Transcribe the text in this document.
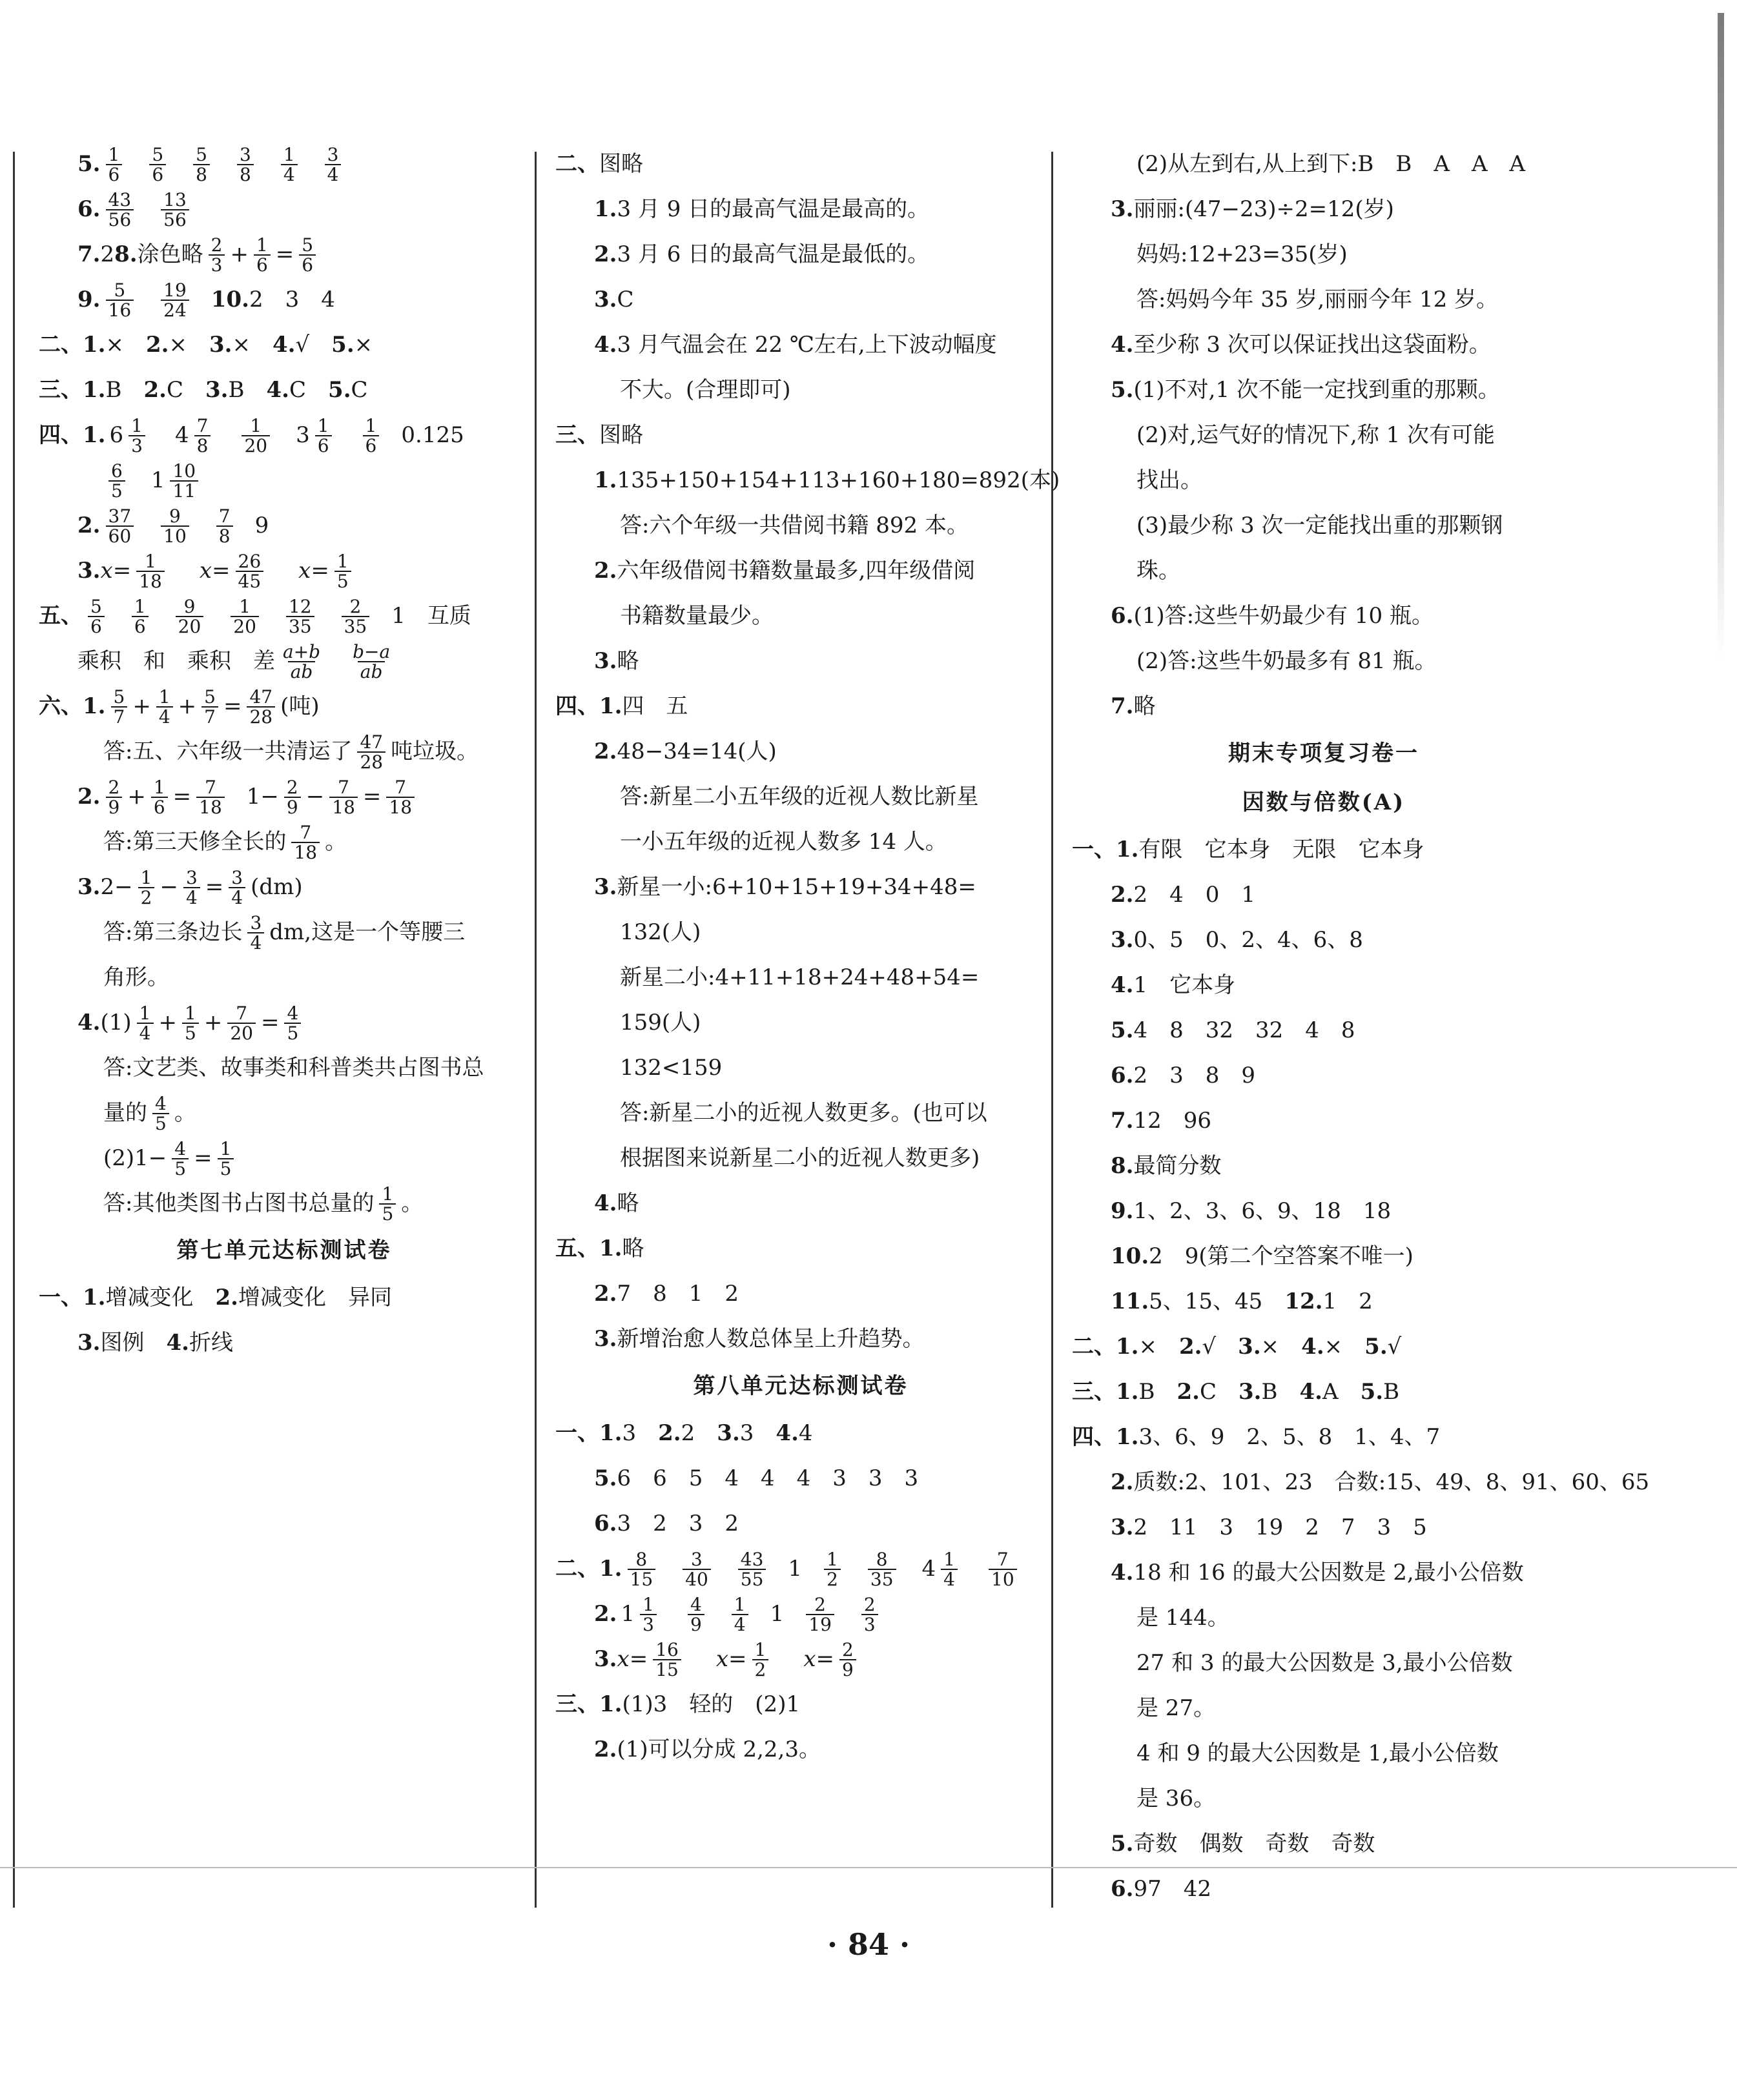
5. $\frac{1}{6} \frac{5}{6} \frac{5}{8} \frac{3}{8} \frac{1}{4} \frac{3}{4}$
6. $\frac{43}{56} \frac{13}{56}$
7. 2 8. 涂色略 $\frac{2}{3} + \frac{1}{6} = \frac{5}{6}$
9. $\frac{5}{16} \frac{19}{24} 10$. 2　3　4
二、1. ×　 2. ×　 3. ×　 4. √　 5. ×
三、1. B　 2. C　 3. B　 4. C　 5. C
四、1. $6 \frac{1}{3} 4 \frac{7}{8} \frac{1}{20} 3 \frac{1}{6} \frac{1}{6} 0.125$
$\frac{6}{5} 1 \frac{10}{11}$
2. $\frac{37}{60} \frac{9}{10} \frac{7}{8} 9$
3. $x = \frac{1}{18}$ $x = \frac{26}{45}$ $x = \frac{1}{5}$
五、 $\frac{5}{6} \frac{1}{6} \frac{9}{20} \frac{1}{20} \frac{12}{35} \frac{2}{35} 1$　互质
乘积　和　乘积　差 $\frac{a+b}{ab} \frac{b-a}{ab}$
六、1. $\frac{5}{7} + \frac{1}{4} + \frac{5}{7} = \frac{47}{28}$ (吨)
答:五、六年级一共清运了 $\frac{47}{28}$ 吨垃圾。
2. $\frac{2}{9} + \frac{1}{6} = \frac{7}{18} 1- \frac{2}{9} - \frac{7}{18} = \frac{7}{18}$
答:第三天修全长的 $\frac{7}{18}$ 。
3. $2- \frac{1}{2} - \frac{3}{4} = \frac{3}{4} (dm)$
答:第三条边长 $\frac{3}{4}$ dm,这是一个等腰三
角形。
4. $(1) \frac{1}{4} + \frac{1}{5} + \frac{7}{20} = \frac{4}{5}$
答:文艺类、故事类和科普类共占图书总
量的 $\frac{4}{5}$ 。
$(2)1- \frac{4}{5} = \frac{1}{5}$
答:其他类图书占图书总量的 $\frac{1}{5}$ 。
第七单元达标测试卷
一、1. 增减变化　 2. 增减变化　异同
3. 图例　 4. 折线
二、 图略
1. 3 月 9 日的最高气温是最高的。
2. 3 月 6 日的最高气温是最低的。
3. C
4. 3 月气温会在 22 ℃左右,上下波动幅度
不大。(合理即可)
三、 图略
1. 135+150+154+113+160+180=892(本)
答:六个年级一共借阅书籍 892 本。
2. 六年级借阅书籍数量最多,四年级借阅
书籍数量最少。
3. 略
四、1. 四　五
2. 48−34=14(人)
答:新星二小五年级的近视人数比新星
一小五年级的近视人数多 14 人。
3. 新星一小:6+10+15+19+34+48=
132(人)
新星二小:4+11+18+24+48+54=
159(人)
132<159
答:新星二小的近视人数更多。(也可以
根据图来说新星二小的近视人数更多)
4. 略
五、1. 略
2. 7　8　1　2
3. 新增治愈人数总体呈上升趋势。
第八单元达标测试卷
一、1. 3　 2. 2　 3. 3　 4. 4
5. 6　6　5　4　4　4　3　3　3
6. 3　2　3　2
二、1. $\frac{8}{15} \frac{3}{40} \frac{43}{55} 1 \frac{1}{2} \frac{8}{35} 4 \frac{1}{4} \frac{7}{10}$
2. $1 \frac{1}{3} \frac{4}{9} \frac{1}{4} 1 \frac{2}{19} \frac{2}{3}$
3. $x = \frac{16}{15}$ $x = \frac{1}{2}$ $x = \frac{2}{9}$
三、1. (1)3　轻的　(2)1
2. (1)可以分成 2,2,3。
(2)从左到右,从上到下:B　B　A　A　A
3. 丽丽:(47−23)÷2=12(岁)
妈妈:12+23=35(岁)
答:妈妈今年 35 岁,丽丽今年 12 岁。
4. 至少称 3 次可以保证找出这袋面粉。
5. (1)不对,1 次不能一定找到重的那颗。
(2)对,运气好的情况下,称 1 次有可能
找出。
(3)最少称 3 次一定能找出重的那颗钢
珠。
6. (1)答:这些牛奶最少有 10 瓶。
(2)答:这些牛奶最多有 81 瓶。
7. 略
期末专项复习卷一
因数与倍数(A)
一、1. 有限　它本身　无限　它本身
2. 2　4　0　1
3. 0、5　0、2、4、6、8
4. 1　它本身
5. 4　8　32　32　4　8
6. 2　3　8　9
7. 12　96
8. 最简分数
9. 1、2、3、6、9、18　18
10. 2　9(第二个空答案不唯一)
11. 5、15、45　 12. 1　2
二、1. ×　 2. √　 3. ×　 4. ×　 5. √
三、1. B　 2. C　 3. B　 4. A　 5. B
四、1. 3、6、9　2、5、8　1、4、7
2. 质数:2、101、23　合数:15、49、8、91、60、65
3. 2　11　3　19　2　7　3　5
4. 18 和 16 的最大公因数是 2,最小公倍数
是 144。
27 和 3 的最大公因数是 3,最小公倍数
是 27。
4 和 9 的最大公因数是 1,最小公倍数
是 36。
5. 奇数　偶数　奇数　奇数
6. 97　42
· 84 ·
